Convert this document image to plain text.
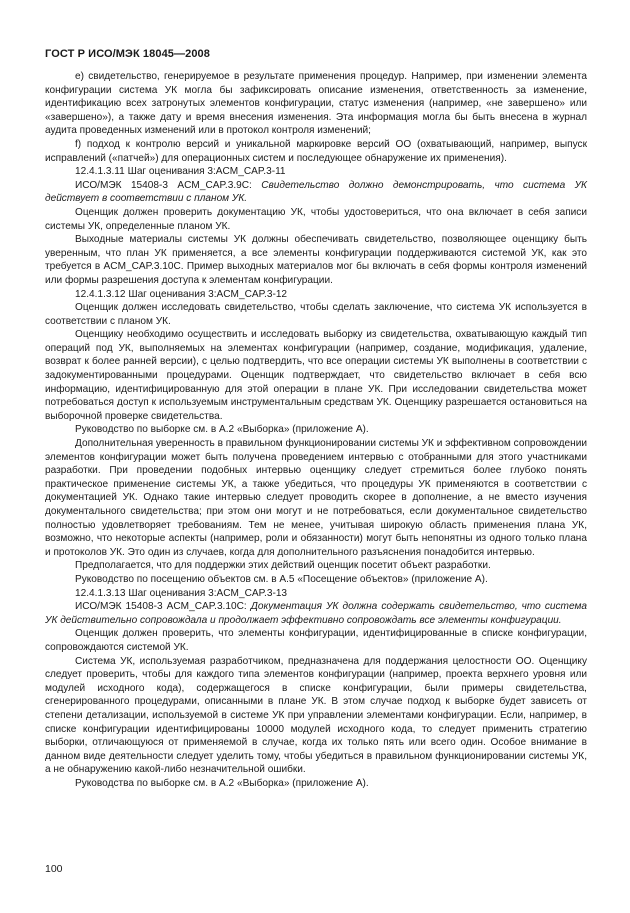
ГОСТ Р ИСО/МЭК 18045—2008

е) свидетельство, генерируемое в результате применения процедур. Например, при изменении элемента конфигурации система УК могла бы зафиксировать описание изменения, ответственность за изменение, идентификацию всех затронутых элементов конфигурации, статус изменения (например, «не завершено» или «завершено»), а также дату и время внесения изменения. Эта информация могла бы быть внесена в журнал аудита проведенных изменений или в протокол контроля изменений;

f) подход к контролю версий и уникальной маркировке версий ОО (охватывающий, например, выпуск исправлений («патчей») для операционных систем и последующее обнаружение их применения).

12.4.1.3.11 Шаг оценивания 3:ACM_CAP.3-11

ИСО/МЭК 15408-3 ACM_CAP.3.9C: Свидетельство должно демонстрировать, что система УК действует в соответствии с планом УК.

Оценщик должен проверить документацию УК, чтобы удостовериться, что она включает в себя записи системы УК, определенные планом УК.

Выходные материалы системы УК должны обеспечивать свидетельство, позволяющее оценщику быть уверенным, что план УК применяется, а все элементы конфигурации поддерживаются системой УК, как это требуется в ACM_CAP.3.10C. Пример выходных материалов мог бы включать в себя формы контроля изменений или формы разрешения доступа к элементам конфигурации.

12.4.1.3.12 Шаг оценивания 3:ACM_CAP.3-12

Оценщик должен исследовать свидетельство, чтобы сделать заключение, что система УК используется в соответствии с планом УК.

Оценщику необходимо осуществить и исследовать выборку из свидетельства, охватывающую каждый тип операций под УК, выполняемых на элементах конфигурации (например, создание, модификация, удаление, возврат к более ранней версии), с целью подтвердить, что все операции системы УК выполнены в соответствии с задокументированными процедурами. Оценщик подтверждает, что свидетельство включает в себя всю информацию, идентифицированную для этой операции в плане УК. При исследовании свидетельства может потребоваться доступ к используемым инструментальным средствам УК. Оценщику разрешается остановиться на выборочной проверке свидетельства.

Руководство по выборке см. в А.2 «Выборка» (приложение А).

Дополнительная уверенность в правильном функционировании системы УК и эффективном сопровождении элементов конфигурации может быть получена проведением интервью с отобранными для этого участниками разработки. При проведении подобных интервью оценщику следует стремиться более глубоко понять практическое применение системы УК, а также убедиться, что процедуры УК применяются в соответствии с документацией УК. Однако такие интервью следует проводить скорее в дополнение, а не вместо изучения документального свидетельства; при этом они могут и не потребоваться, если документальное свидетельство полностью удовлетворяет требованиям. Тем не менее, учитывая широкую область применения плана УК, возможно, что некоторые аспекты (например, роли и обязанности) могут быть непонятны из одного только плана и протоколов УК. Это один из случаев, когда для дополнительного разъяснения понадобится интервью.

Предполагается, что для поддержки этих действий оценщик посетит объект разработки.

Руководство по посещению объектов см. в А.5 «Посещение объектов» (приложение А).

12.4.1.3.13 Шаг оценивания 3:ACM_CAP.3-13

ИСО/МЭК 15408-3 ACM_CAP.3.10C: Документация УК должна содержать свидетельство, что система УК действительно сопровождала и продолжает эффективно сопровождать все элементы конфигурации.

Оценщик должен проверить, что элементы конфигурации, идентифицированные в списке конфигурации, сопровождаются системой УК.

Система УК, используемая разработчиком, предназначена для поддержания целостности ОО. Оценщику следует проверить, чтобы для каждого типа элементов конфигурации (например, проекта верхнего уровня или модулей исходного кода), содержащегося в списке конфигурации, были примеры свидетельства, сгенерированного процедурами, описанными в плане УК. В этом случае подход к выборке будет зависеть от степени детализации, используемой в системе УК при управлении элементами конфигурации. Если, например, в списке конфигурации идентифицированы 10000 модулей исходного кода, то следует применить стратегию выборки, отличающуюся от применяемой в случае, когда их только пять или всего один. Особое внимание в данном виде деятельности следует уделить тому, чтобы убедиться в правильном функционировании системы УК, а не обнаружению какой-либо незначительной ошибки.

Руководства по выборке см. в А.2 «Выборка» (приложение А).

100
